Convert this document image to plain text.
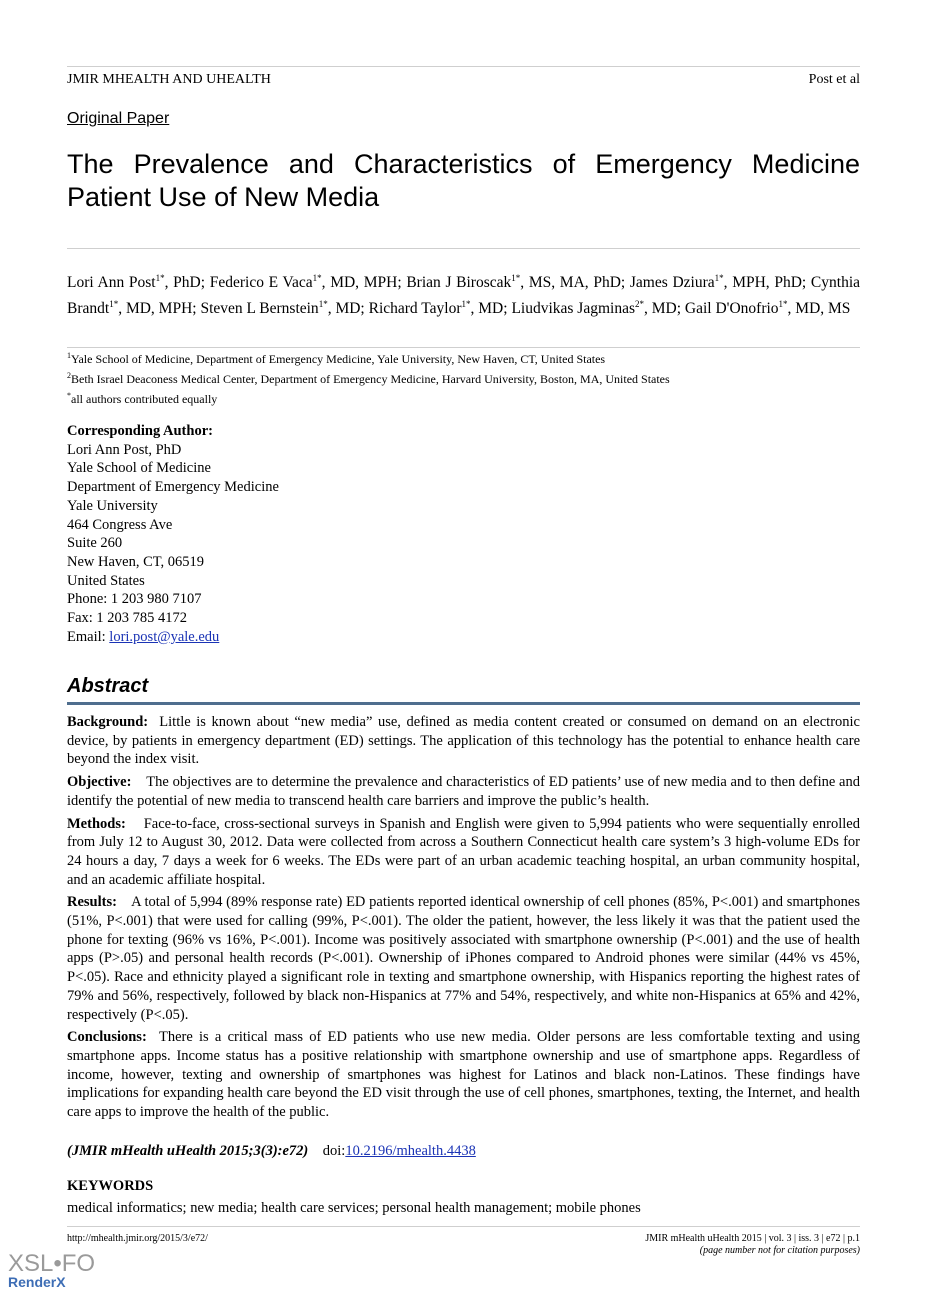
JMIR MHEALTH AND UHEALTH	Post et al
Original Paper
The Prevalence and Characteristics of Emergency Medicine
Patient Use of New Media
Lori Ann Post$^{1*}$, PhD; Federico E Vaca$^{1*}$, MD, MPH; Brian J Biroscak$^{1*}$, MS, MA, PhD; James Dziura$^{1*}$, MPH, PhD; Cynthia Brandt$^{1*}$, MD, MPH; Steven L Bernstein$^{1*}$, MD; Richard Taylor$^{1*}$, MD; Liudvikas Jagminas$^{2*}$, MD; Gail D'Onofrio$^{1*}$, MD, MS
$^1$Yale School of Medicine, Department of Emergency Medicine, Yale University, New Haven, CT, United States
$^2$Beth Israel Deaconess Medical Center, Department of Emergency Medicine, Harvard University, Boston, MA, United States
*all authors contributed equally
Corresponding Author:
Lori Ann Post, PhD
Yale School of Medicine
Department of Emergency Medicine
Yale University
464 Congress Ave
Suite 260
New Haven, CT, 06519
United States
Phone: 1 203 980 7107
Fax: 1 203 785 4172
Email: lori.post@yale.edu
Abstract

Background: Little is known about “new media” use, defined as media content created or consumed on demand on an electronic device, by patients in emergency department (ED) settings. The application of this technology has the potential to enhance health care beyond the index visit.

Objective: The objectives are to determine the prevalence and characteristics of ED patients’ use of new media and to then define and identify the potential of new media to transcend health care barriers and improve the public’s health.

Methods: Face-to-face, cross-sectional surveys in Spanish and English were given to 5,994 patients who were sequentially enrolled from July 12 to August 30, 2012. Data were collected from across a Southern Connecticut health care system’s 3 high-volume EDs for 24 hours a day, 7 days a week for 6 weeks. The EDs were part of an urban academic teaching hospital, an urban community hospital, and an academic affiliate hospital.

Results: A total of 5,994 (89% response rate) ED patients reported identical ownership of cell phones (85%, P<.001) and smartphones (51%, P<.001) that were used for calling (99%, P<.001). The older the patient, however, the less likely it was that the patient used the phone for texting (96% vs 16%, P<.001). Income was positively associated with smartphone ownership (P<.001) and the use of health apps (P>.05) and personal health records (P<.001). Ownership of iPhones compared to Android phones were similar (44% vs 45%, P<.05). Race and ethnicity played a significant role in texting and smartphone ownership, with Hispanics reporting the highest rates of 79% and 56%, respectively, followed by black non-Hispanics at 77% and 54%, respectively, and white non-Hispanics at 65% and 42%, respectively (P<.05).

Conclusions: There is a critical mass of ED patients who use new media. Older persons are less comfortable texting and using smartphone apps. Income status has a positive relationship with smartphone ownership and use of smartphone apps. Regardless of income, however, texting and ownership of smartphones was highest for Latinos and black non-Latinos. These findings have implications for expanding health care beyond the ED visit through the use of cell phones, smartphones, texting, the Internet, and health care apps to improve the health of the public.

(JMIR mHealth uHealth 2015;3(3):e72) doi:10.2196/mhealth.4438
KEYWORDS
medical informatics; new media; health care services; personal health management; mobile phones
http://mhealth.jmir.org/2015/3/e72/	JMIR mHealth uHealth 2015 | vol. 3 | iss. 3 | e72 | p.1
(page number not for citation purposes)
XSL•FO
RenderX
